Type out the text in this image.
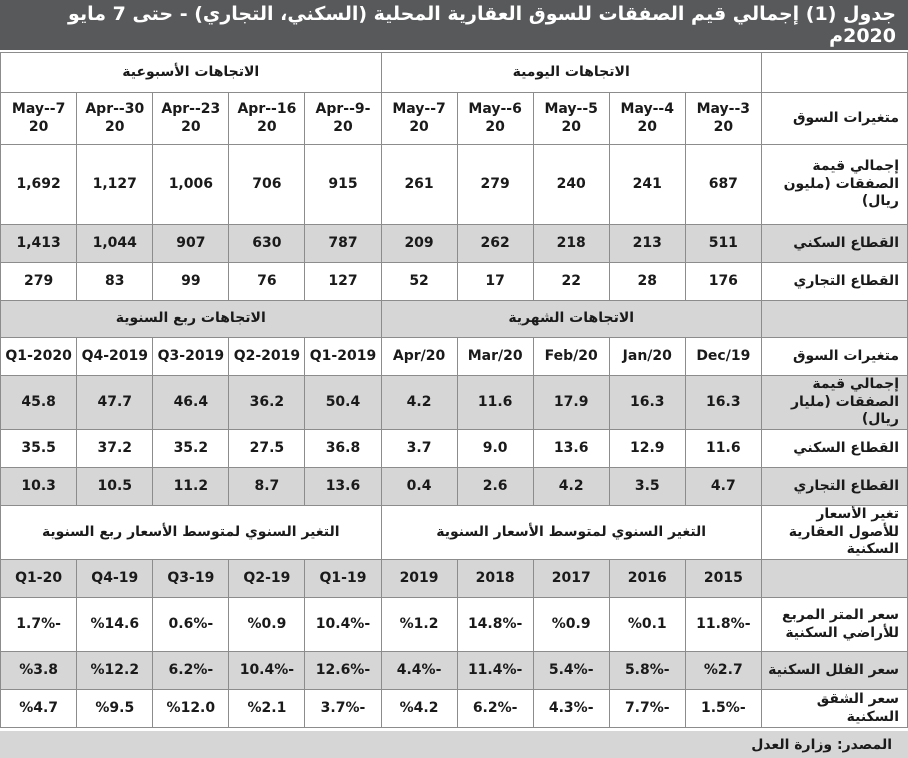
جدول (1) إجمالي قيم الصفقات للسوق العقارية المحلية (السكني، التجاري) - حتى 7 مايو 2020م
	الاتجاهات اليومية					الاتجاهات الأسبوعية				
متغيرات السوق	3-May-20	4-May-20	5-May-20	6-May-20	7-May-20	-9-Apr-20	16-Apr-20	23-Apr-20	30-Apr-20	7-May-20
إجمالي قيمة الصفقات (مليون ريال)	687	241	240	279	261	915	706	1,006	1,127	1,692
القطاع السكني	511	213	218	262	209	787	630	907	1,044	1,413
القطاع التجاري	176	28	22	17	52	127	76	99	83	279
	الاتجاهات الشهرية					الاتجاهات ربع السنوية				
متغيرات السوق	Dec/19	Jan/20	Feb/20	Mar/20	Apr/20	2019-Q1	2019-Q2	2019-Q3	2019-Q4	2020-Q1
إجمالي قيمة الصفقات (مليار ريال)	16.3	16.3	17.9	11.6	4.2	50.4	36.2	46.4	47.7	45.8
القطاع السكني	11.6	12.9	13.6	9.0	3.7	36.8	27.5	35.2	37.2	35.5
القطاع التجاري	4.7	3.5	4.2	2.6	0.4	13.6	8.7	11.2	10.5	10.3
تغير الأسعار للأصول العقارية السكنية	التغير السنوي لمتوسط الأسعار السنوية					التغير السنوي لمتوسط الأسعار ربع السنوية				
	2015	2016	2017	2018	2019	19-Q1	19-Q2	19-Q3	19-Q4	20-Q1
سعر المتر المربع للأراضي السكنية	-11.8%	%0.1	%0.9	-14.8%	%1.2	-10.4%	%0.9	-0.6%	%14.6	-1.7%
سعر الفلل السكنية	%2.7	-5.8%	-5.4%	-11.4%	-4.4%	-12.6%	-10.4%	-6.2%	%12.2	%3.8
سعر الشقق السكنية	-1.5%	-7.7%	-4.3%	-6.2%	%4.2	-3.7%	%2.1	%12.0	%9.5	%4.7
المصدر: وزارة العدل
